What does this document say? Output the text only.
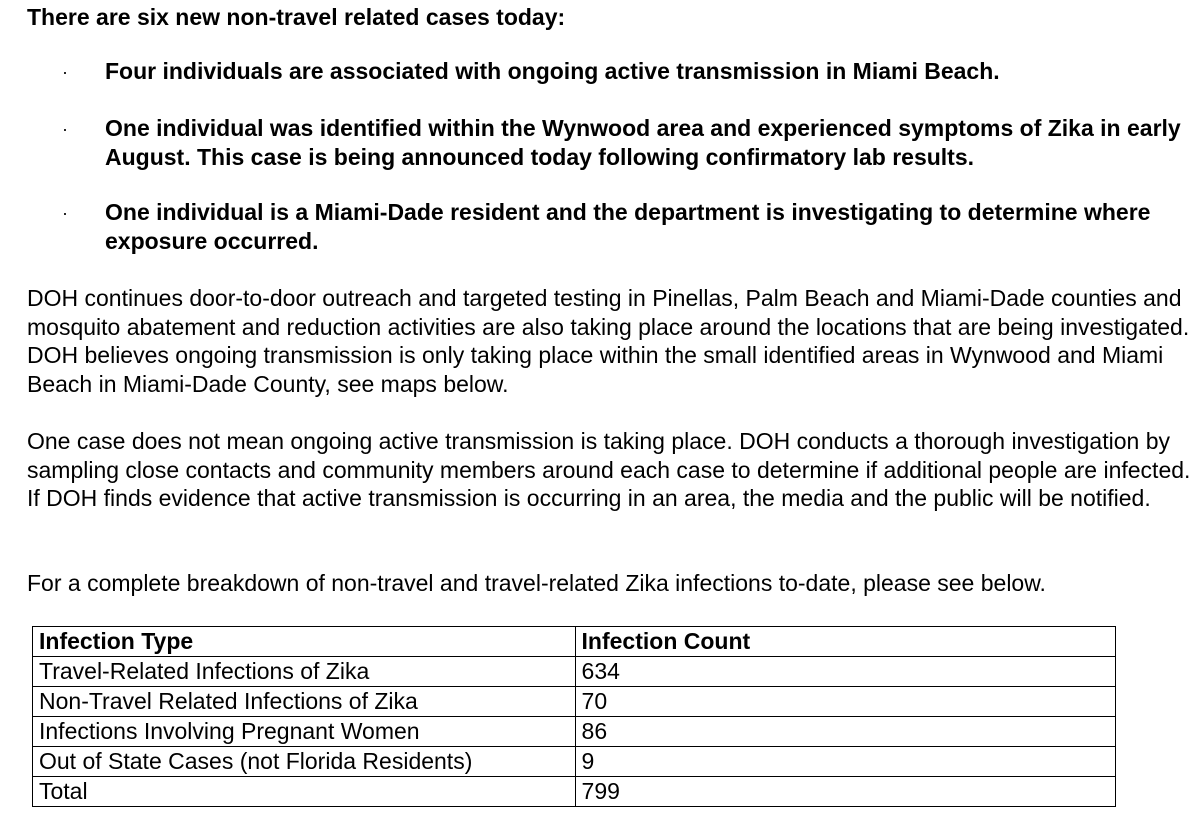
There are six new non-travel related cases today:

· Four individuals are associated with ongoing active transmission in Miami Beach.

· One individual was identified within the Wynwood area and experienced symptoms of Zika in early August. This case is being announced today following confirmatory lab results.

· One individual is a Miami-Dade resident and the department is investigating to determine where exposure occurred.

DOH continues door-to-door outreach and targeted testing in Pinellas, Palm Beach and Miami-Dade counties and mosquito abatement and reduction activities are also taking place around the locations that are being investigated. DOH believes ongoing transmission is only taking place within the small identified areas in Wynwood and Miami Beach in Miami-Dade County, see maps below.

One case does not mean ongoing active transmission is taking place. DOH conducts a thorough investigation by sampling close contacts and community members around each case to determine if additional people are infected. If DOH finds evidence that active transmission is occurring in an area, the media and the public will be notified.

For a complete breakdown of non-travel and travel-related Zika infections to-date, please see below.

Infection Type	Infection Count
Travel-Related Infections of Zika	634
Non-Travel Related Infections of Zika	70
Infections Involving Pregnant Women	86
Out of State Cases (not Florida Residents)	9
Total	799
